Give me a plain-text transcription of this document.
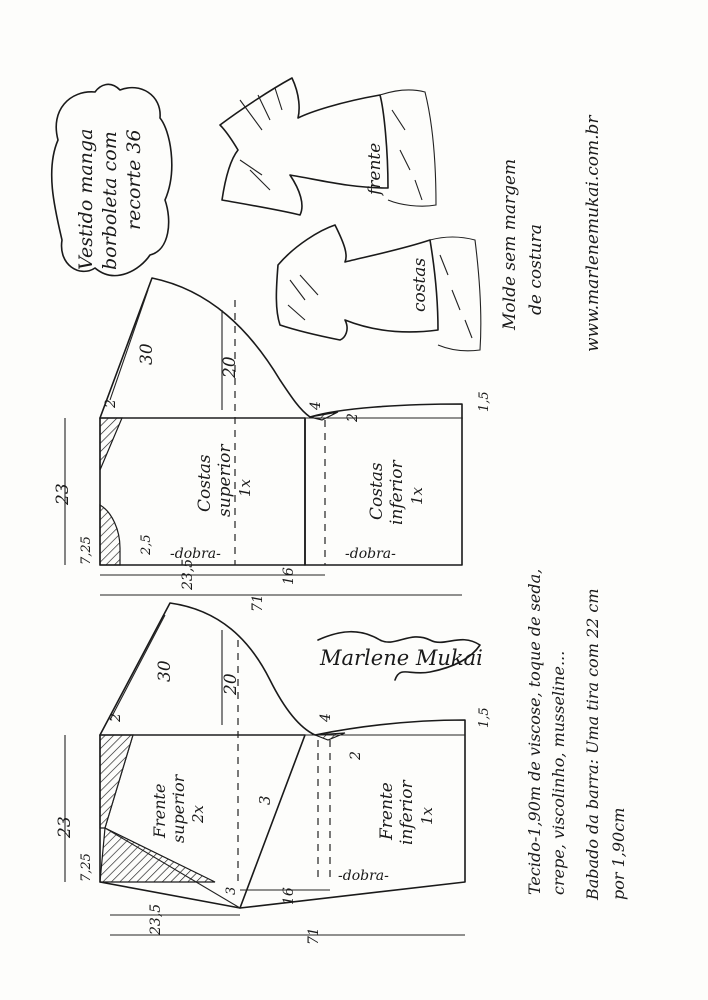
Vestido manga borboleta com recorte 36	frente
costas	Molde sem margem de costura www.marlenemukai.com.br
30
20
2	4	1,5
2
23
7,25	2,5
23,5	16
71
Costas superior 1x	Costas inferior 1x
-dobra-	-dobra-
Marlene Mukai
30
20
2	4	1,5
2
23
7,25
3
3
23,5
16
71
Frente superior 2x	Frente inferior 1x
-dobra-	Tecido-1,90m de viscose, toque de seda, crepe, viscolinho, musseline... Babado da barra: Uma tira com 22 cm por 1,90cm
